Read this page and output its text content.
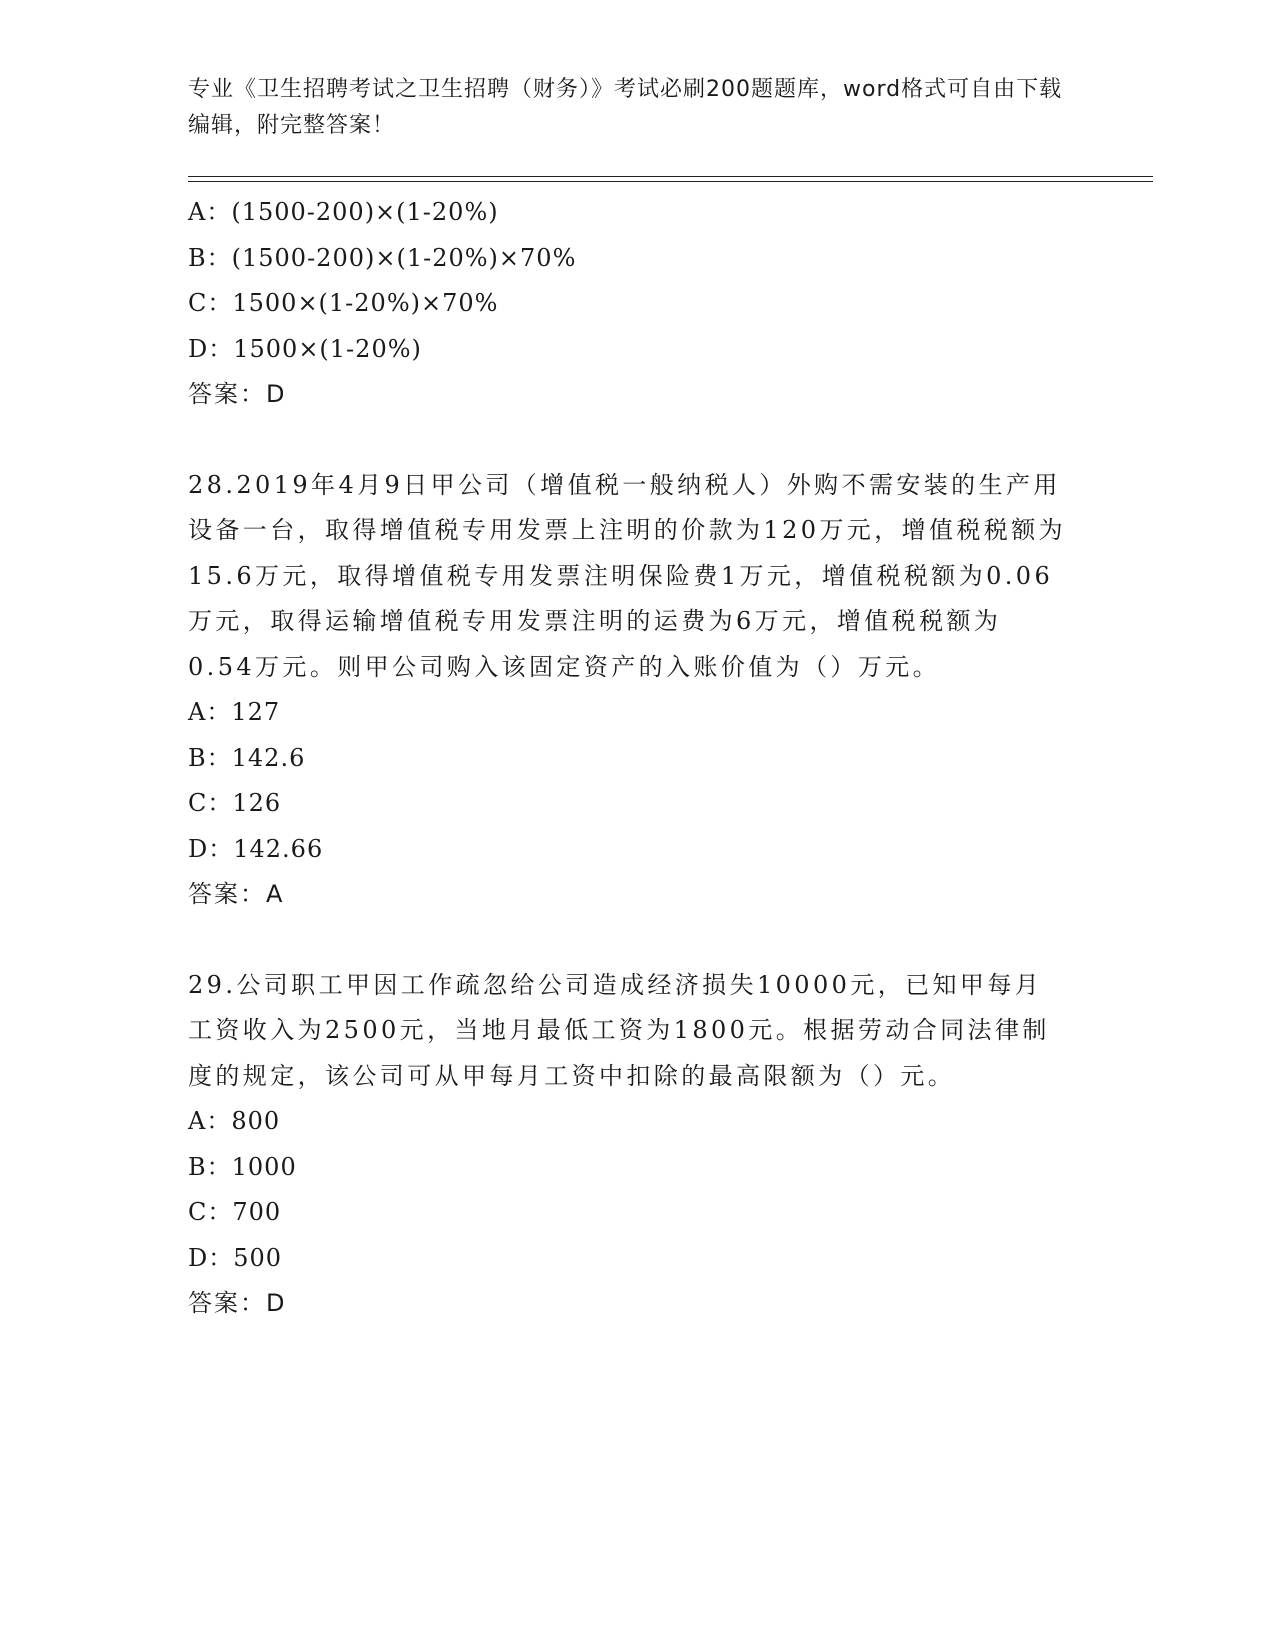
专业《卫生招聘考试之卫生招聘（财务）》考试必刷200题题库，word格式可自由下载编辑，附完整答案！
A：(1500-200)×(1-20%)
B：(1500-200)×(1-20%)×70%
C：1500×(1-20%)×70%
D：1500×(1-20%)
答案：D

28.2019年4月9日甲公司（增值税一般纳税人）外购不需安装的生产用设备一台，取得增值税专用发票上注明的价款为120万元，增值税税额为15.6万元，取得增值税专用发票注明保险费1万元，增值税税额为0.06万元，取得运输增值税专用发票注明的运费为6万元，增值税税额为0.54万元。则甲公司购入该固定资产的入账价值为（）万元。

A：127
B：142.6
C：126
D：142.66
答案：A

29.公司职工甲因工作疏忽给公司造成经济损失10000元，已知甲每月工资收入为2500元，当地月最低工资为1800元。根据劳动合同法律制度的规定，该公司可从甲每月工资中扣除的最高限额为（）元。

A：800
B：1000
C：700
D：500
答案：D
